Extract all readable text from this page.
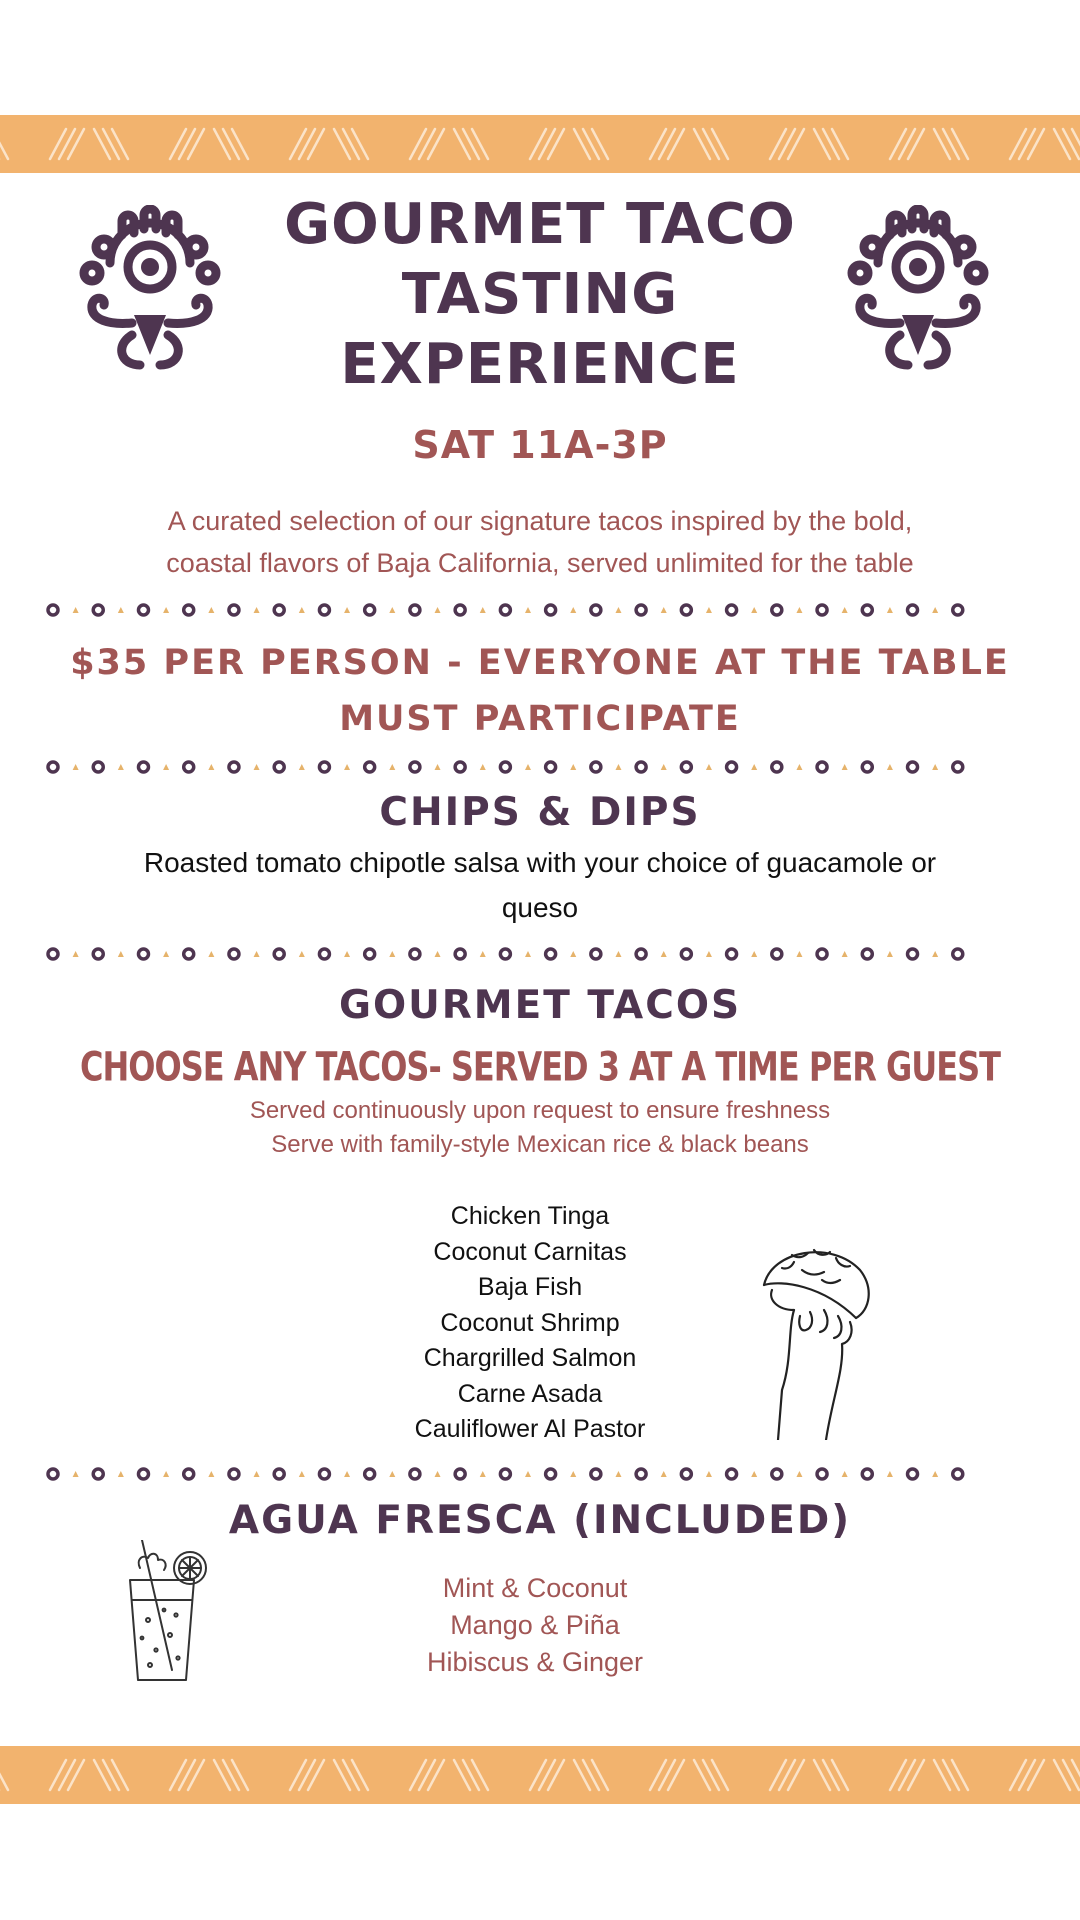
GOURMET TACO
TASTING
EXPERIENCE
SAT 11A-3P
A curated selection of our signature tacos inspired by the bold,
coastal flavors of Baja California, served unlimited for the table
$35 PER PERSON - EVERYONE AT THE TABLE
MUST PARTICIPATE
CHIPS & DIPS
Roasted tomato chipotle salsa with your choice of guacamole or
queso
GOURMET TACOS
CHOOSE ANY TACOS- SERVED 3 AT A TIME PER GUEST
Served continuously upon request to ensure freshness
Serve with family-style Mexican rice & black beans
Chicken Tinga
Coconut Carnitas
Baja Fish
Coconut Shrimp
Chargrilled Salmon
Carne Asada
Cauliflower Al Pastor
AGUA FRESCA (INCLUDED)
Mint & Coconut
Mango & Piña
Hibiscus & Ginger
